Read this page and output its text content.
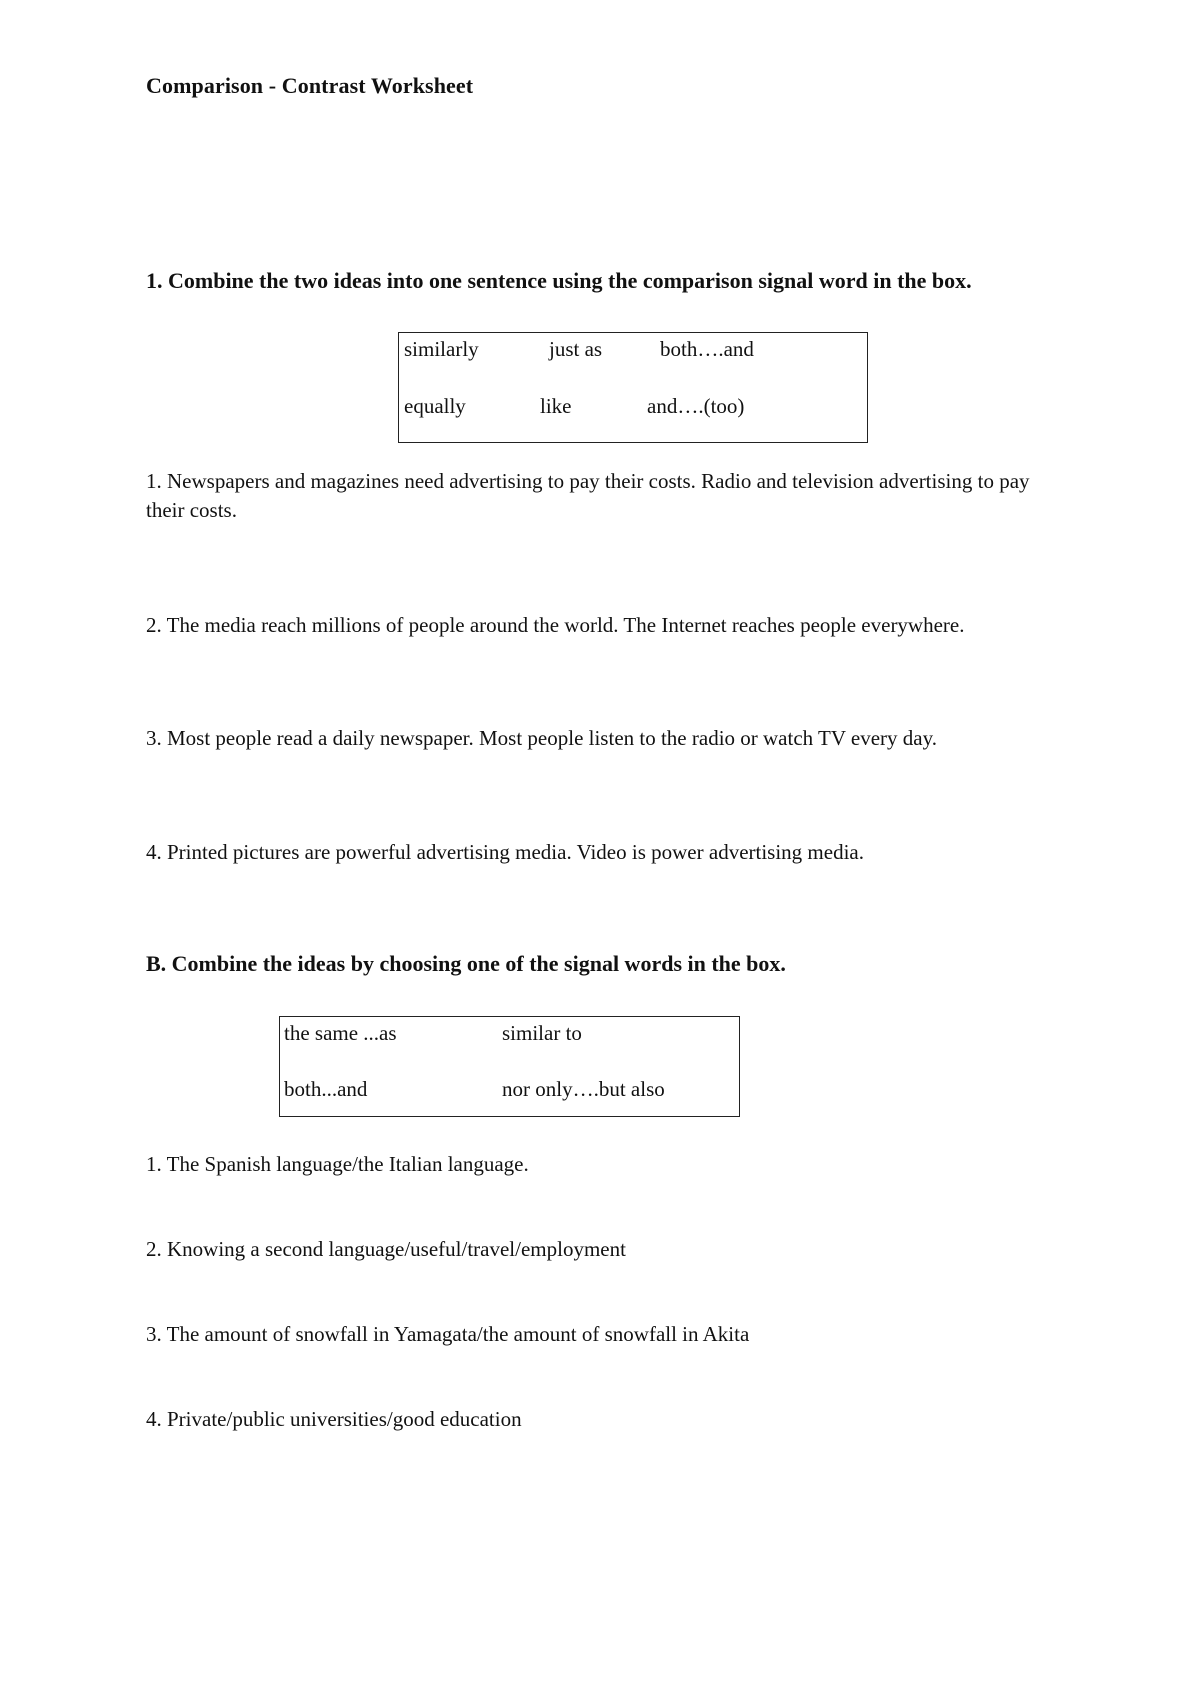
Comparison - Contrast Worksheet
1. Combine the two ideas into one sentence using the comparison signal word in the box.
similarly	just as	both….and
equally	like	and….(too)
1. Newspapers and magazines need advertising to pay their costs. Radio and television advertising to pay their costs.
2. The media reach millions of people around the world. The Internet reaches people everywhere.
3. Most people read a daily newspaper. Most people listen to the radio or watch TV every day.
4. Printed pictures are powerful advertising media. Video is power advertising media.
B. Combine the ideas by choosing one of the signal words in the box.
the same ...as	similar to
both...and	nor only….but also
1. The Spanish language/the Italian language.
2. Knowing a second language/useful/travel/employment
3. The amount of snowfall in Yamagata/the amount of snowfall in Akita
4. Private/public universities/good education
